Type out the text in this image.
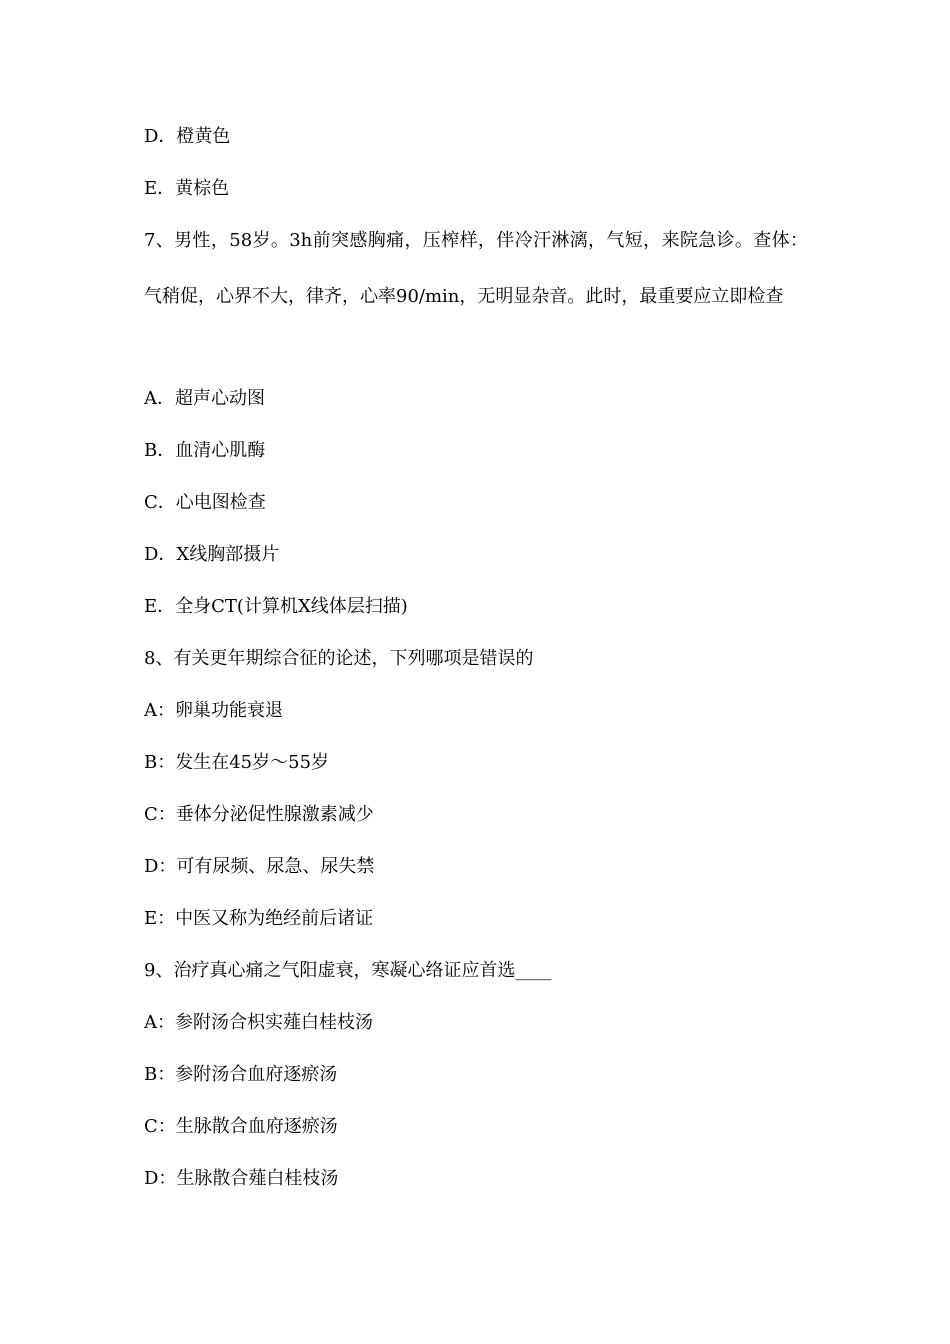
D．橙黄色
E．黄棕色
7、男性，58岁。3h前突感胸痛，压榨样，伴冷汗淋漓，气短，来院急诊。查体：气稍促，心界不大，律齐，心率90/min，无明显杂音。此时，最重要应立即检查
A．超声心动图
B．血清心肌酶
C．心电图检查
D．X线胸部摄片
E．全身CT(计算机X线体层扫描)
8、有关更年期综合征的论述，下列哪项是错误的
A：卵巢功能衰退
B：发生在45岁～55岁
C：垂体分泌促性腺激素减少
D：可有尿频、尿急、尿失禁
E：中医又称为绝经前后诸证
9、治疗真心痛之气阳虚衰，寒凝心络证应首选____
A：参附汤合枳实薤白桂枝汤
B：参附汤合血府逐瘀汤
C：生脉散合血府逐瘀汤
D：生脉散合薤白桂枝汤
